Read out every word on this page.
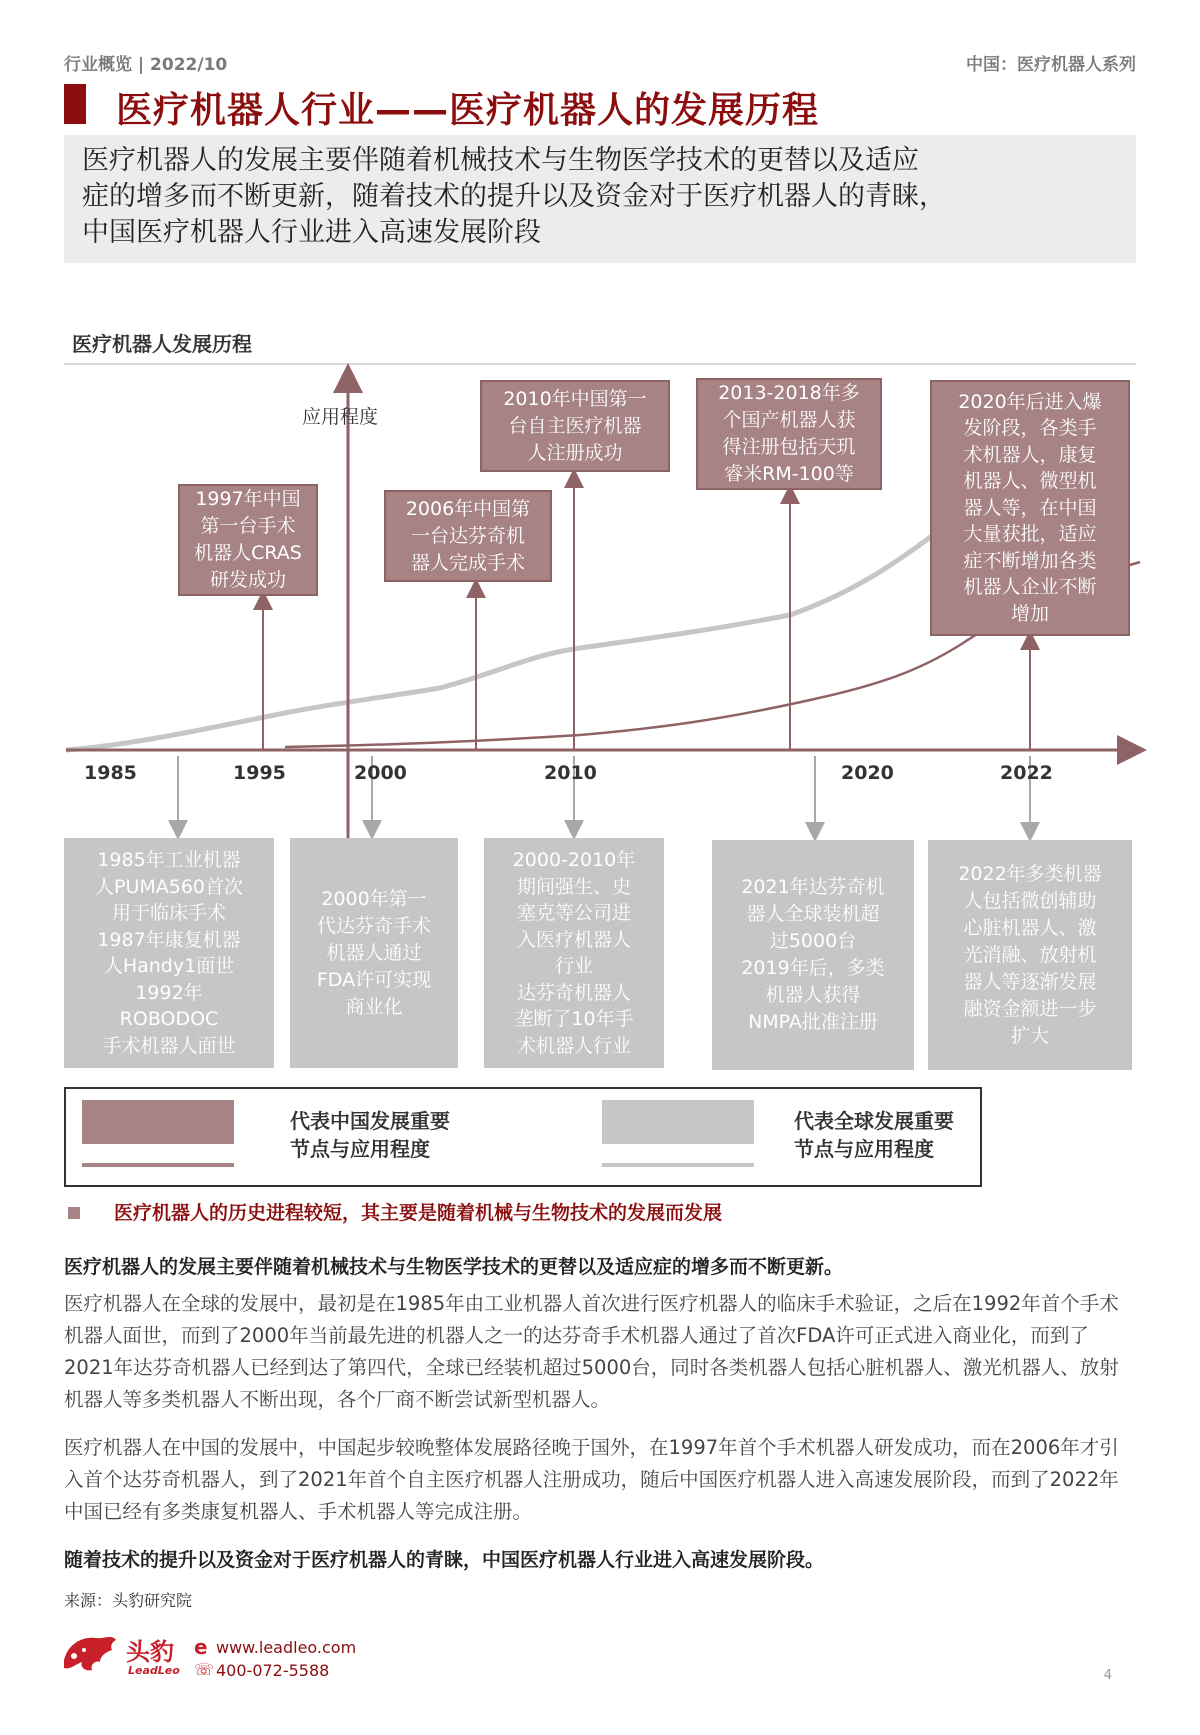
行业概览 | 2022/10	中国：医疗机器人系列
医疗机器人行业——医疗机器人的发展历程
医疗机器人的发展主要伴随着机械技术与生物医学技术的更替以及适应
症的增多而不断更新，随着技术的提升以及资金对于医疗机器人的青睐，
中国医疗机器人行业进入高速发展阶段
医疗机器人发展历程
应用程度
1985	1995	2000	2010	2020	2022
1997年中国
第一台手术
机器人CRAS
研发成功
2006年中国第
一台达芬奇机
器人完成手术
2010年中国第一
台自主医疗机器
人注册成功
2013-2018年多
个国产机器人获
得注册包括天玑
睿米RM-100等
2020年后进入爆
发阶段，各类手
术机器人，康复
机器人、微型机
器人等，在中国
大量获批，适应
症不断增加各类
机器人企业不断
增加
1985年工业机器
人PUMA560首次
用于临床手术
1987年康复机器
人Handy1面世
1992年
ROBODOC
手术机器人面世
2000年第一
代达芬奇手术
机器人通过
FDA许可实现
商业化
2000-2010年
期间强生、史
塞克等公司进
入医疗机器人
行业
达芬奇机器人
垄断了10年手
术机器人行业
2021年达芬奇机
器人全球装机超
过5000台
2019年后，多类
机器人获得
NMPA批准注册
2022年多类机器
人包括微创辅助
心脏机器人、激
光消融、放射机
器人等逐渐发展
融资金额进一步
扩大
代表中国发展重要
节点与应用程度
代表全球发展重要
节点与应用程度
医疗机器人的历史进程较短，其主要是随着机械与生物技术的发展而发展
医疗机器人的发展主要伴随着机械技术与生物医学技术的更替以及适应症的增多而不断更新。
医疗机器人在全球的发展中，最初是在1985年由工业机器人首次进行医疗机器人的临床手术验证，之后在1992年首个手术机器人面世，而到了2000年当前最先进的机器人之一的达芬奇手术机器人通过了首次FDA许可正式进入商业化，而到了2021年达芬奇机器人已经到达了第四代，全球已经装机超过5000台，同时各类机器人包括心脏机器人、激光机器人、放射机器人等多类机器人不断出现，各个厂商不断尝试新型机器人。
医疗机器人在中国的发展中，中国起步较晚整体发展路径晚于国外，在1997年首个手术机器人研发成功，而在2006年才引入首个达芬奇机器人，到了2021年首个自主医疗机器人注册成功，随后中国医疗机器人进入高速发展阶段，而到了2022年中国已经有多类康复机器人、手术机器人等完成注册。
随着技术的提升以及资金对于医疗机器人的青睐，中国医疗机器人行业进入高速发展阶段。
来源：头豹研究院
头豹
LeadLeo
e www.leadleo.com
☏ 400-072-5588	4
